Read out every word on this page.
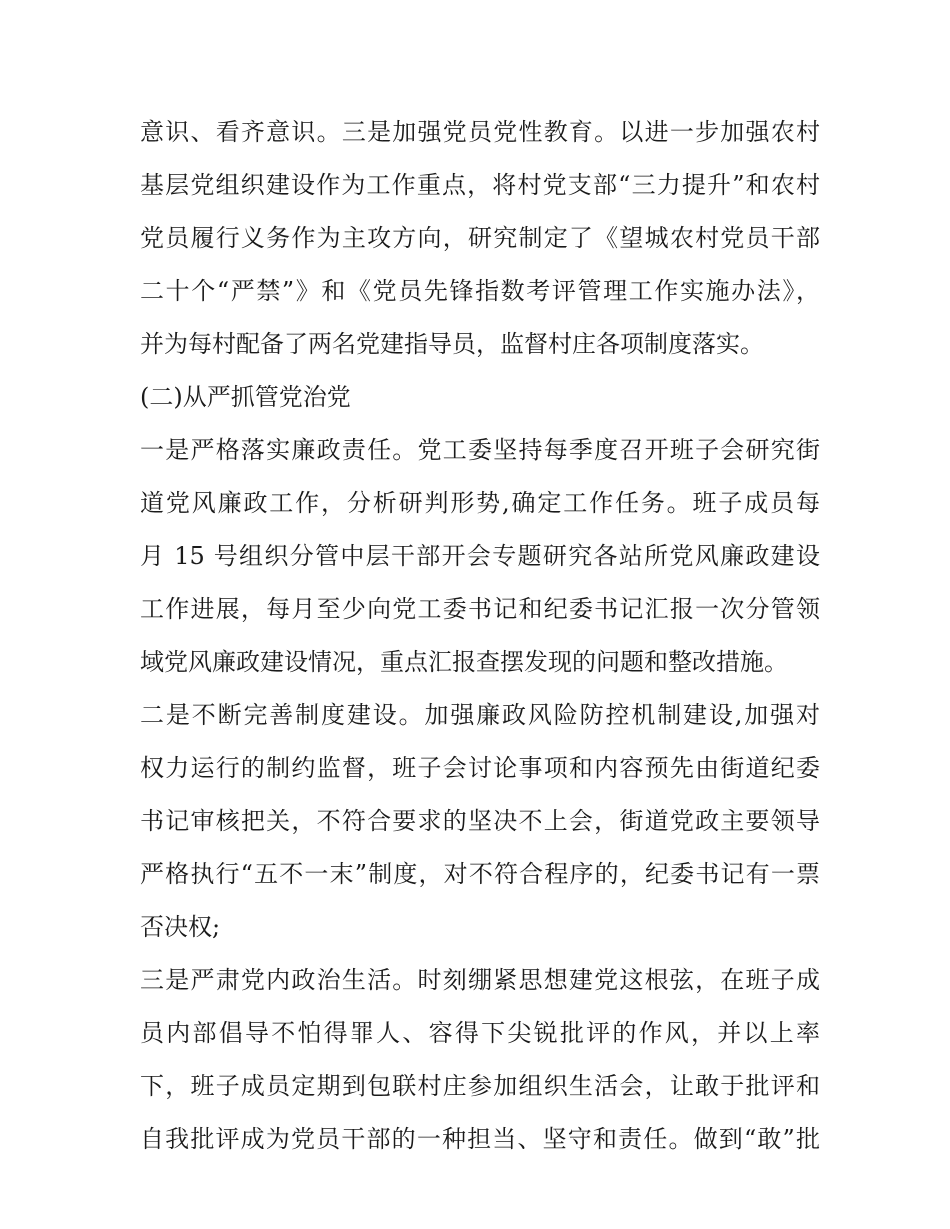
意识、看齐意识。三是加强党员党性教育。以进一步加强农村
基层党组织建设作为工作重点，将村党支部“三力提升”和农村
党员履行义务作为主攻方向，研究制定了《望城农村党员干部
二十个“严禁”》和《党员先锋指数考评管理工作实施办法》，
并为每村配备了两名党建指导员，监督村庄各项制度落实。
(二)从严抓管党治党
一是严格落实廉政责任。党工委坚持每季度召开班子会研究街
道党风廉政工作，分析研判形势,确定工作任务。班子成员每
月 15 号组织分管中层干部开会专题研究各站所党风廉政建设
工作进展，每月至少向党工委书记和纪委书记汇报一次分管领
域党风廉政建设情况，重点汇报查摆发现的问题和整改措施。
二是不断完善制度建设。加强廉政风险防控机制建设,加强对
权力运行的制约监督，班子会讨论事项和内容预先由街道纪委
书记审核把关，不符合要求的坚决不上会，街道党政主要领导
严格执行“五不一末”制度，对不符合程序的，纪委书记有一票
否决权;
三是严肃党内政治生活。时刻绷紧思想建党这根弦，在班子成
员内部倡导不怕得罪人、容得下尖锐批评的作风，并以上率
下，班子成员定期到包联村庄参加组织生活会，让敢于批评和
自我批评成为党员干部的一种担当、坚守和责任。做到“敢”批
